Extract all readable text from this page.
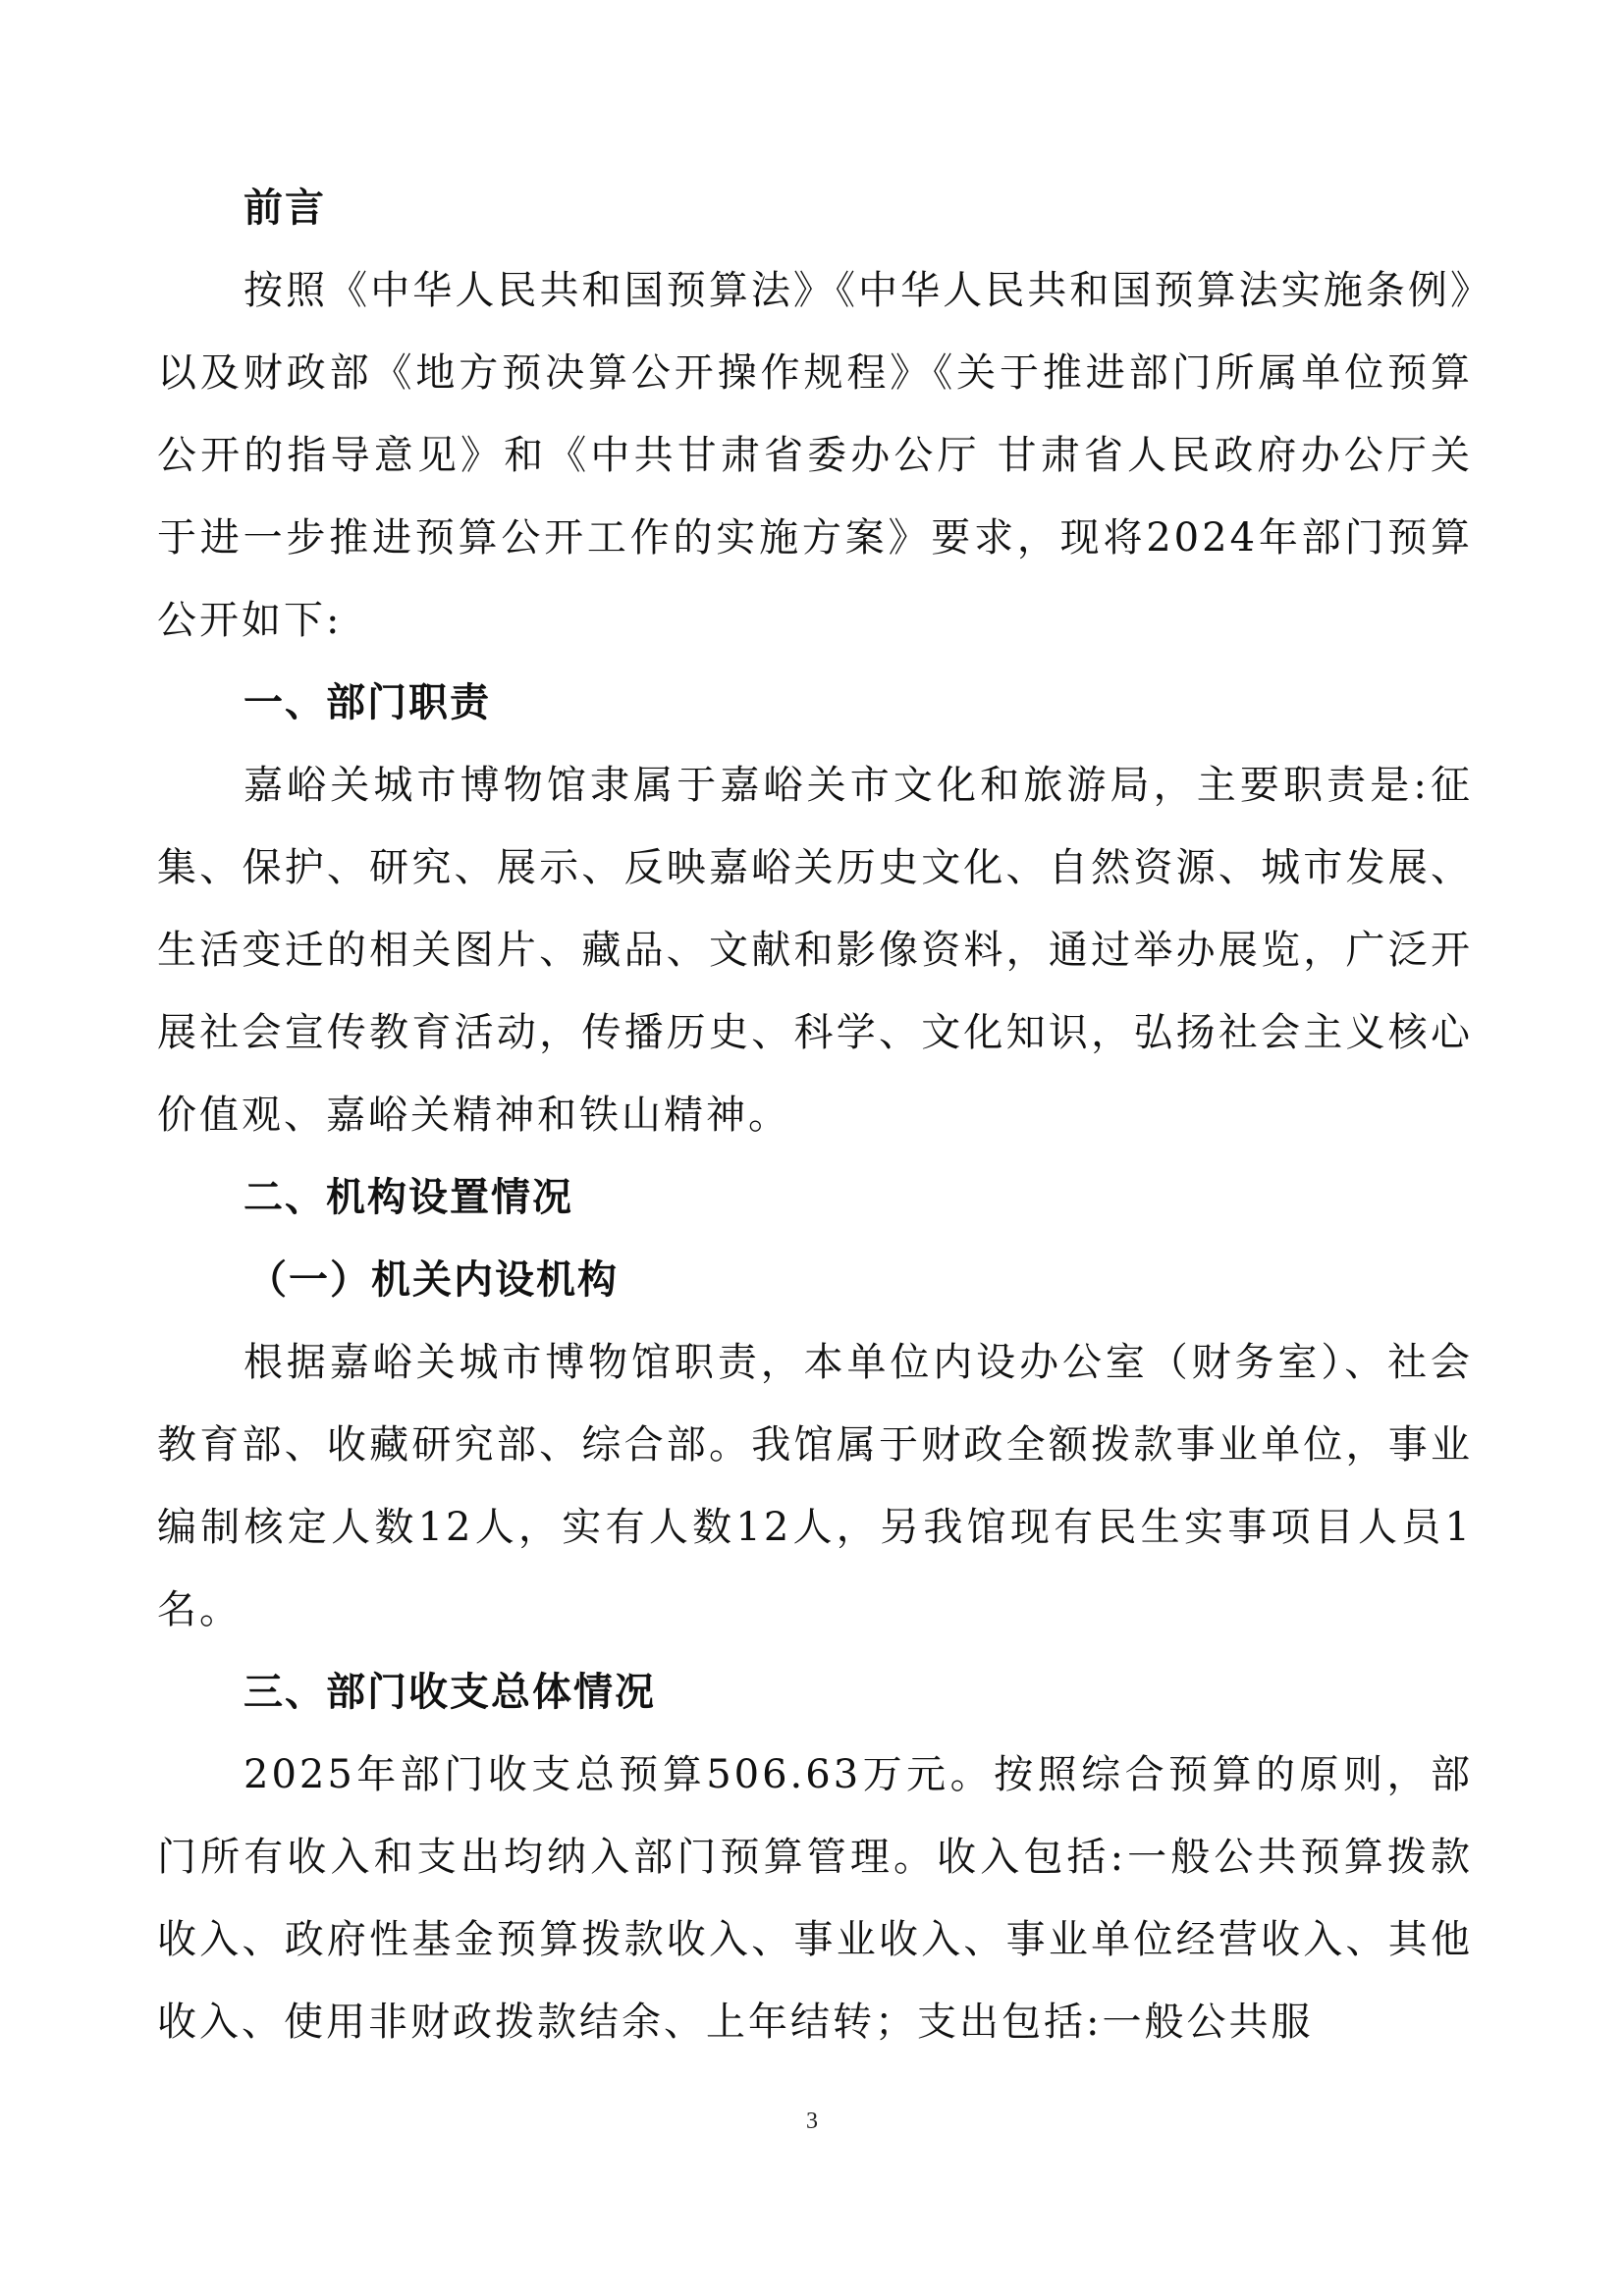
前言

按照《中华人民共和国预算法》《中华人民共和国预算法实施条例》以及财政部《地方预决算公开操作规程》《关于推进部门所属单位预算公开的指导意见》和《中共甘肃省委办公厅 甘肃省人民政府办公厅关于进一步推进预算公开工作的实施方案》要求，现将2024年部门预算公开如下:

一、部门职责

嘉峪关城市博物馆隶属于嘉峪关市文化和旅游局，主要职责是:征集、保护、研究、展示、反映嘉峪关历史文化、自然资源、城市发展、生活变迁的相关图片、藏品、文献和影像资料，通过举办展览，广泛开展社会宣传教育活动，传播历史、科学、文化知识，弘扬社会主义核心价值观、嘉峪关精神和铁山精神。

二、机构设置情况
（一）机关内设机构

根据嘉峪关城市博物馆职责，本单位内设办公室（财务室）、社会教育部、收藏研究部、综合部。我馆属于财政全额拨款事业单位，事业编制核定人数12人，实有人数12人，另我馆现有民生实事项目人员1名。

三、部门收支总体情况

2025年部门收支总预算506.63万元。按照综合预算的原则，部门所有收入和支出均纳入部门预算管理。收入包括:一般公共预算拨款收入、政府性基金预算拨款收入、事业收入、事业单位经营收入、其他收入、使用非财政拨款结余、上年结转；支出包括:一般公共服

3
